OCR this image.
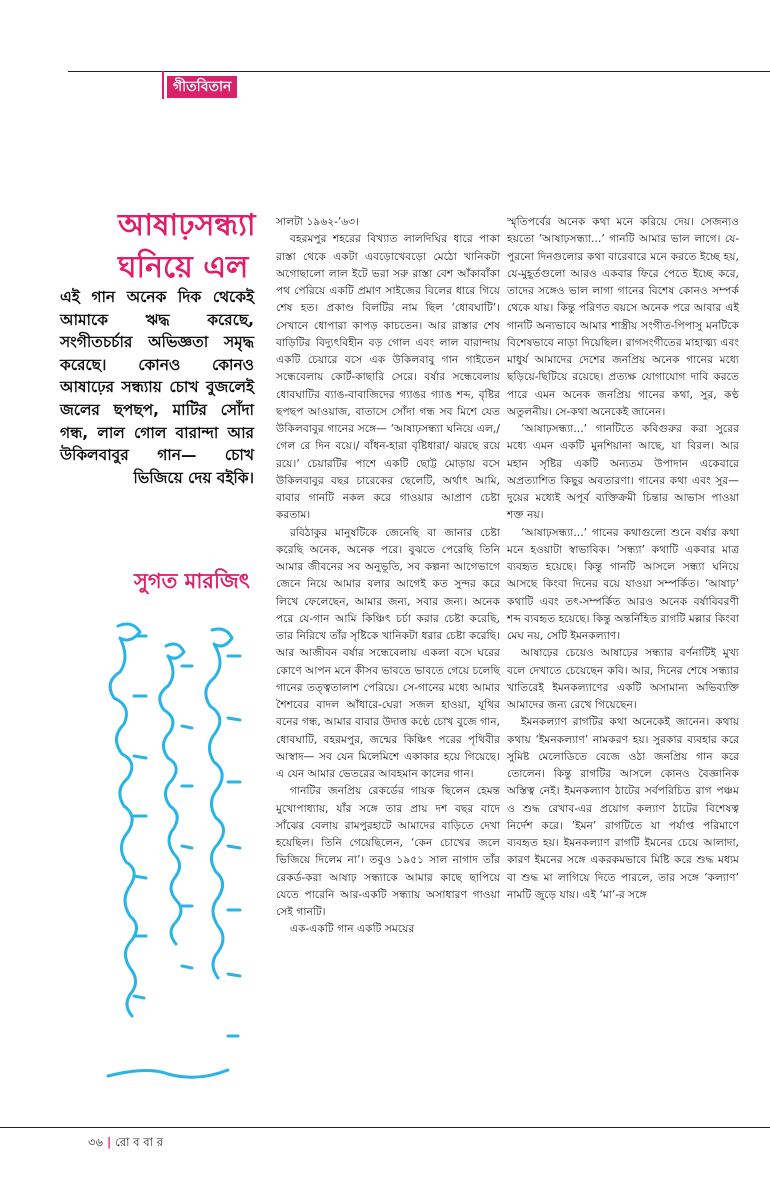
গীতবিতান
আষাঢ়সন্ধ্যা
ঘনিয়ে এল
এই গান অনেক দিক থেকেই আমাকে ঋদ্ধ করেছে, সংগীতচর্চার অভিজ্ঞতা সমৃদ্ধ করেছে। কোনও কোনও আষাঢ়ের সন্ধ্যায় চোখ বুজলেই জলের ছপছপ, মাটির সোঁদা গন্ধ, লাল গোল বারান্দা আর উকিলবাবুর গান— চোখ ভিজিয়ে দেয় বইকি।
সুগত মারজিৎ

সালটা ১৯৬২-’৬৩।

বহরমপুর শহরের বিখ্যাত লালদিঘির ধারে পাকা রাস্তা থেকে একটা এবড়োখেবড়ো মেঠো খানিকটা অগোছালো লাল ইটে ভরা সরু রাস্তা বেশ আঁকাবাঁকা পথ পেরিয়ে একটি প্রমাণ সাইজের বিলের ধারে গিয়ে শেষ হত। প্রকাণ্ড বিলটির নাম ছিল ‘ধোবঘাটি’। সেখানে ধোপারা কাপড় কাচতেন। আর রাস্তার শেষ বাড়িটির বিদ্যুৎবিহীন বড় গোল এবং লাল বারান্দায় একটি চেয়ারে বসে এক উকিলবাবু গান গাইতেন সন্ধেবেলায় কোর্ট-কাছারি সেরে। বর্ষার সন্ধেবেলায় ধোবঘাটির ব্যাঙ-বাবাজিদের গ্যাঙর গ্যাঙ শব্দ, বৃষ্টির ছপছপ আওয়াজ, বাতাসে সোঁদা গন্ধ সব মিশে যেত উকিলবাবুর গানের সঙ্গে— ‘আষাঢ়সন্ধ্যা ঘনিয়ে এল,/ গেল রে দিন বয়ে।/ বাঁধন-হারা বৃষ্টিধারা/ ঝরছে রয়ে রয়ে।’ চেয়ারটির পাশে একটি ছোট্ট মোড়ায় বসে উকিলবাবুর বছর চারেকের ছেলেটি, অর্থাৎ আমি, বাবার গানটি নকল করে গাওয়ার আপ্রাণ চেষ্টা করতাম।

রবিঠাকুর মানুষটিকে জেনেছি বা জানার চেষ্টা করেছি অনেক, অনেক পরে। বুঝতে পেরেছি তিনি আমার জীবনের সব অনুভূতি, সব কল্পনা আগেভাগে জেনে নিয়ে আমার বলার আগেই কত সুন্দর করে লিখে ফেলেছেন, আমার জন্য, সবার জন্য। অনেক পরে যে-গান আমি কিঞ্চিৎ চর্চা করার চেষ্টা করেছি, তার নিরিখে তাঁর সৃষ্টিকে খানিকটা ধরার চেষ্টা করেছি। আর আজীবন বর্ষার সন্ধেবেলায় একলা বসে ঘরের কোণে আপন মনে কীসব ভাবতে ভাবতে গেয়ে চলেছি গানের তত্ত্বতালাশ পেরিয়ে। সে-গানের মধ্যে আমার শৈশবের বাদল আঁধারে-ঘেরা সজল হাওয়া, যূথির বনের গন্ধ, আমার বাবার উদাত্ত কণ্ঠে চোখ বুজে গান, ধোবঘাটি, বহরমপুর, জন্মের কিঞ্চিৎ পরের পৃথিবীর আস্বাদ— সব যেন মিলেমিশে একাকার হয়ে গিয়েছে। এ যেন আমার ভেতরের আবহমান কালের গান।

গানটির জনপ্রিয় রেকর্ডের গায়ক ছিলেন হেমন্ত মুখোপাধ্যায়, যাঁর সঙ্গে তার প্রায় দশ বছর বাদে সাঁঝের বেলায় রামপুরহাটে আমাদের বাড়িতে দেখা হয়েছিল। তিনি গেয়েছিলেন, ‘কেন চোখের জলে ভিজিয়ে দিলেম না’। তবুও ১৯৫১ সাল নাগাদ তাঁর রেকর্ড-করা আষাঢ় সন্ধ্যাকে আমার কাছে ছাপিয়ে যেতে পারেনি আর-একটি সন্ধ্যায় অসাধারণ গাওয়া সেই গানটি।

এক-একটি গান একটি সময়ের

স্মৃতিপর্বের অনেক কথা মনে করিয়ে দেয়। সেজন্যও হয়তো ‘আষাঢ়সন্ধ্যা...’ গানটি আমার ভাল লাগে। যে-পুরনো দিনগুলোর কথা বারেবারে মনে করতে ইচ্ছে হয়, যে-মুহূর্তগুলো আরও একবার ফিরে পেতে ইচ্ছে করে, তাদের সঙ্গেও ভাল লাগা গানের বিশেষ কোনও সম্পর্ক থেকে যায়। কিন্তু পরিণত বয়সে অনেক পরে আবার এই গানটি অন্যভাবে আমার শাস্ত্রীয় সংগীত-পিপাসু মনটিকে বিশেষভাবে নাড়া দিয়েছিল। রাগসংগীতের মাহাত্ম্য এবং মাধুর্য আমাদের দেশের জনপ্রিয় অনেক গানের মধ্যে ছড়িয়ে-ছিটিয়ে রয়েছে। প্রত্যক্ষ যোগাযোগ দাবি করতে পারে এমন অনেক জনপ্রিয় গানের কথা, সুর, কণ্ঠ অতুলনীয়। সে-কথা অনেকেই জানেন।

‘আষাঢ়সন্ধ্যা...’ গানটিতে কবিগুরুর করা সুরের মধ্যে এমন একটি মুনশিয়ানা আছে, যা বিরল। আর মহান সৃষ্টির একটি অন্যতম উপাদান একেবারে অপ্রত্যাশিত কিছুর অবতারণা। গানের কথা এবং সুর— দুয়ের মধ্যেই অপূর্ব ব্যক্তিক্রমী চিন্তার আভাস পাওয়া শক্ত নয়।

‘আষাঢ়সন্ধ্যা...’ গানের কথাগুলো শুনে বর্ষার কথা মনে হওয়াটা স্বাভাবিক। ‘সন্ধ্যা’ কথাটি একবার মাত্র ব্যবহৃত হয়েছে। কিন্তু গানটি আসলে সন্ধ্যা ঘনিয়ে আসছে কিংবা দিনের বয়ে যাওয়া সম্পর্কিত। ‘আষাঢ়’ কথাটি এবং তৎ-সম্পর্কিত আরও অনেক বর্ষাবিবরণী শব্দ ব্যবহৃত হয়েছে। কিন্তু অন্তর্নিহিত রাগটি মল্লার কিংবা মেঘ নয়, সেটি ইমনকল্যাণ।

আষাঢ়ের চেয়েও আষাঢ়ের সন্ধ্যার বর্ণনাটিই মুখ্য বলে দেখাতে চেয়েছেন কবি। আর, দিনের শেষে সন্ধ্যার খাতিরেই ইমনকল্যাণের একটি অসামান্য অভিব্যক্তি আমাদের জন্য রেখে গিয়েছেন।

ইমনকল্যাণ রাগটির কথা অনেকেই জানেন। কথায় কথায় ‘ইমনকল্যাণ’ নামকরণ হয়। সুরকার ব্যবহার করে সুমিষ্ট মেলোডিতে বেজে ওঠা জনপ্রিয় গান করে তোলেন। কিন্তু রাগটির আসলে কোনও বৈজ্ঞানিক অস্তিত্ব নেই। ইমনকল্যাণ ঠাটের সর্বপরিচিত রাগ পঞ্চম ও শুদ্ধ রেখাব-এর প্রয়োগ কল্যাণ ঠাটের বিশেষত্ব নির্দেশ করে। ‘ইমন’ রাগটিতে যা পর্যাপ্ত পরিমাণে ব্যবহৃত হয়। ইমনকল্যাণ রাগটি ইমনের চেয়ে আলাদা, কারণ ইমনের সঙ্গে একরকমভাবে মিষ্টি করে শুদ্ধ মধ্যম বা শুদ্ধ মা লাগিয়ে দিতে পারলে, তার সঙ্গে ‘কল্যাণ’ নামটি জুড়ে যায়। এই ‘মা’-র সঙ্গে

৩৬ | রো ব বা র
